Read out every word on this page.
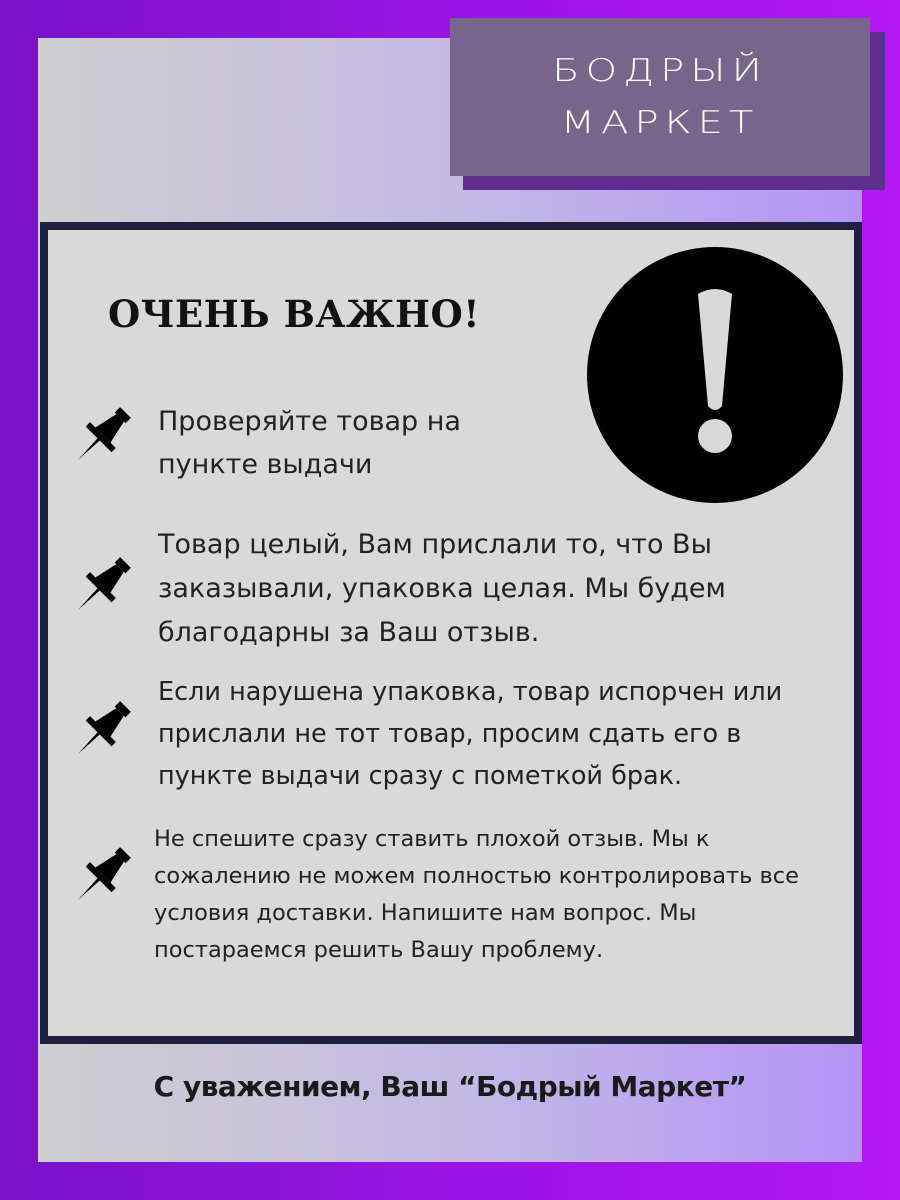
БОДРЫЙ
МАРКЕТ
ОЧЕНЬ ВАЖНО!

Проверяйте товар на пункте выдачи

Товар целый, Вам прислали то, что Вы заказывали, упаковка целая. Мы будем благодарны за Ваш отзыв.

Если нарушена упаковка, товар испорчен или прислали не тот товар, просим сдать его в пункте выдачи сразу с пометкой брак.

Не спешите сразу ставить плохой отзыв. Мы к сожалению не можем полностью контролировать все условия доставки. Напишите нам вопрос. Мы постараемся решить Вашу проблему.

С уважением, Ваш “Бодрый Маркет”
